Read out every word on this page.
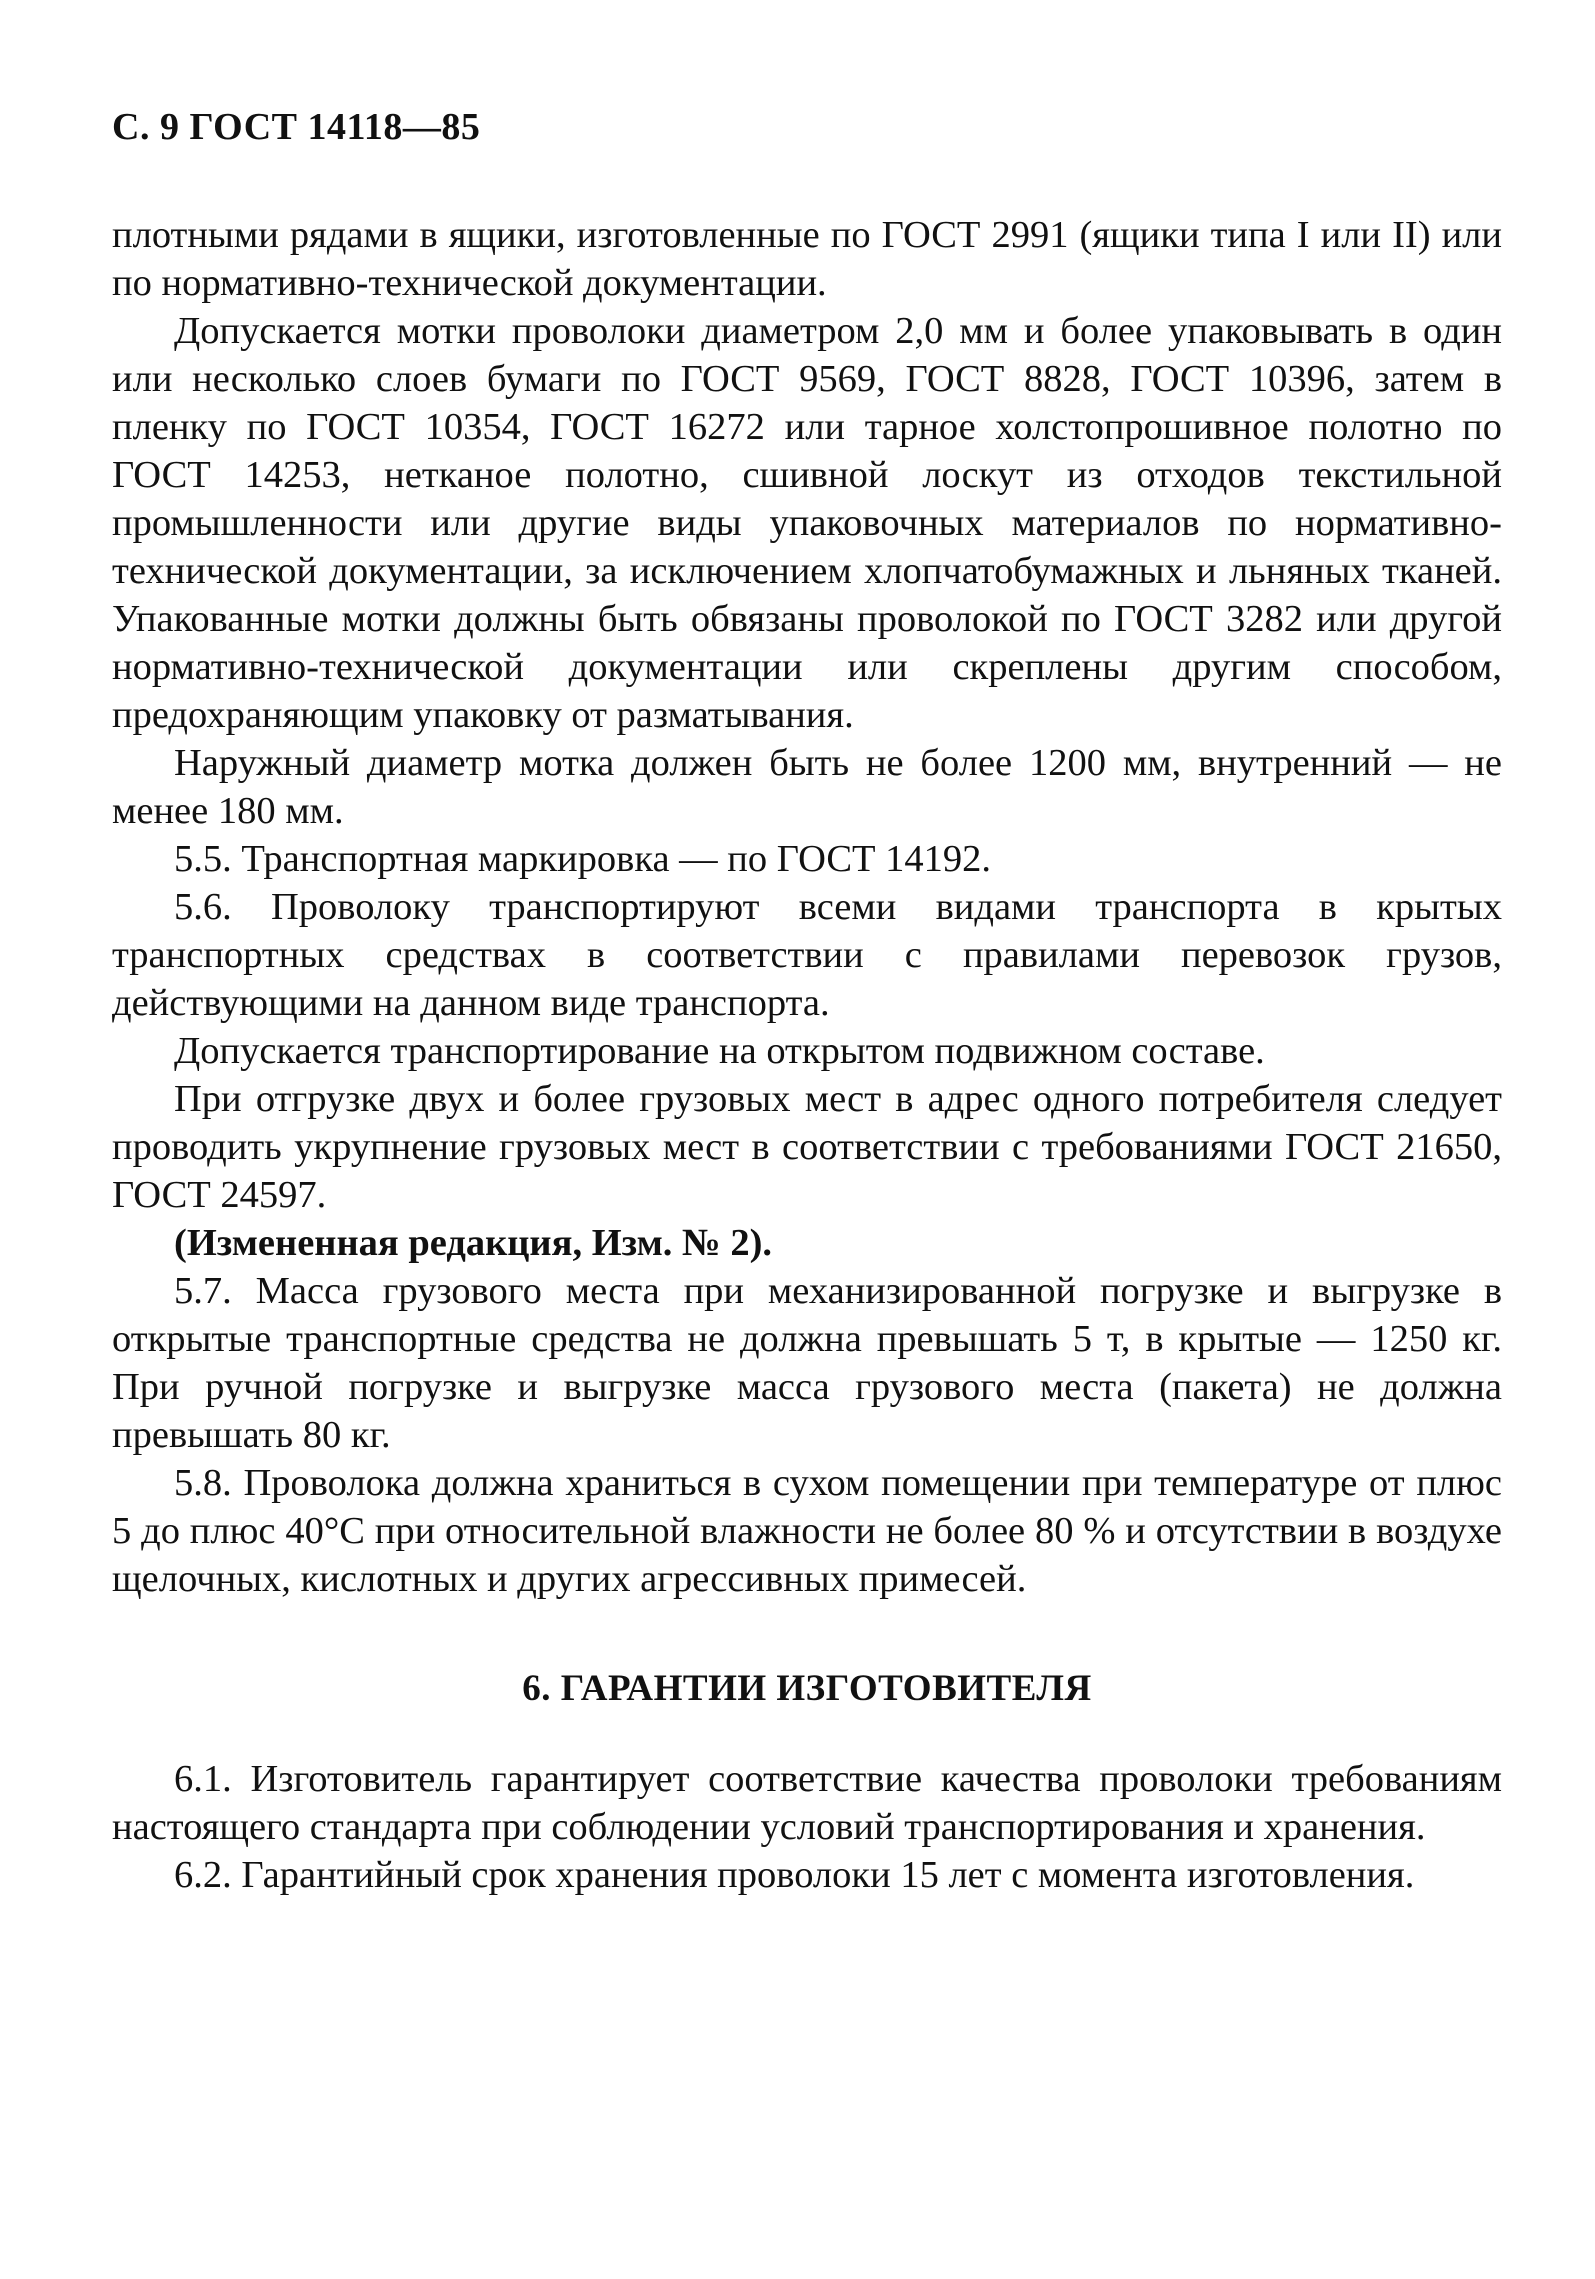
С. 9 ГОСТ 14118—85

плотными рядами в ящики, изготовленные по ГОСТ 2991 (ящики типа I или II) или по нормативно-технической документации.

Допускается мотки проволоки диаметром 2,0 мм и более упаковывать в один или несколько слоев бумаги по ГОСТ 9569, ГОСТ 8828, ГОСТ 10396, затем в пленку по ГОСТ 10354, ГОСТ 16272 или тарное холстопрошивное полотно по ГОСТ 14253, нетканое полотно, сшивной лоскут из отходов текстильной промышленности или другие виды упаковочных материалов по нормативно-технической документации, за исключением хлопчатобумажных и льняных тканей. Упакованные мотки должны быть обвязаны проволокой по ГОСТ 3282 или другой нормативно-технической документации или скреплены другим способом, предохраняющим упаковку от разматывания.

Наружный диаметр мотка должен быть не более 1200 мм, внутренний — не менее 180 мм.

5.5. Транспортная маркировка — по ГОСТ 14192.

5.6. Проволоку транспортируют всеми видами транспорта в крытых транспортных средствах в соответствии с правилами перевозок грузов, действующими на данном виде транспорта.

Допускается транспортирование на открытом подвижном составе.

При отгрузке двух и более грузовых мест в адрес одного потребителя следует проводить укрупнение грузовых мест в соответствии с требованиями ГОСТ 21650, ГОСТ 24597.

(Измененная редакция, Изм. № 2).

5.7. Масса грузового места при механизированной погрузке и выгрузке в открытые транспортные средства не должна превышать 5 т, в крытые — 1250 кг. При ручной погрузке и выгрузке масса грузового места (пакета) не должна превышать 80 кг.

5.8. Проволока должна храниться в сухом помещении при температуре от плюс 5 до плюс 40°С при относительной влажности не более 80 % и отсутствии в воздухе щелочных, кислотных и других агрессивных примесей.

6. ГАРАНТИИ ИЗГОТОВИТЕЛЯ

6.1. Изготовитель гарантирует соответствие качества проволоки требованиям настоящего стандарта при соблюдении условий транспортирования и хранения.

6.2. Гарантийный срок хранения проволоки 15 лет с момента изготовления.
